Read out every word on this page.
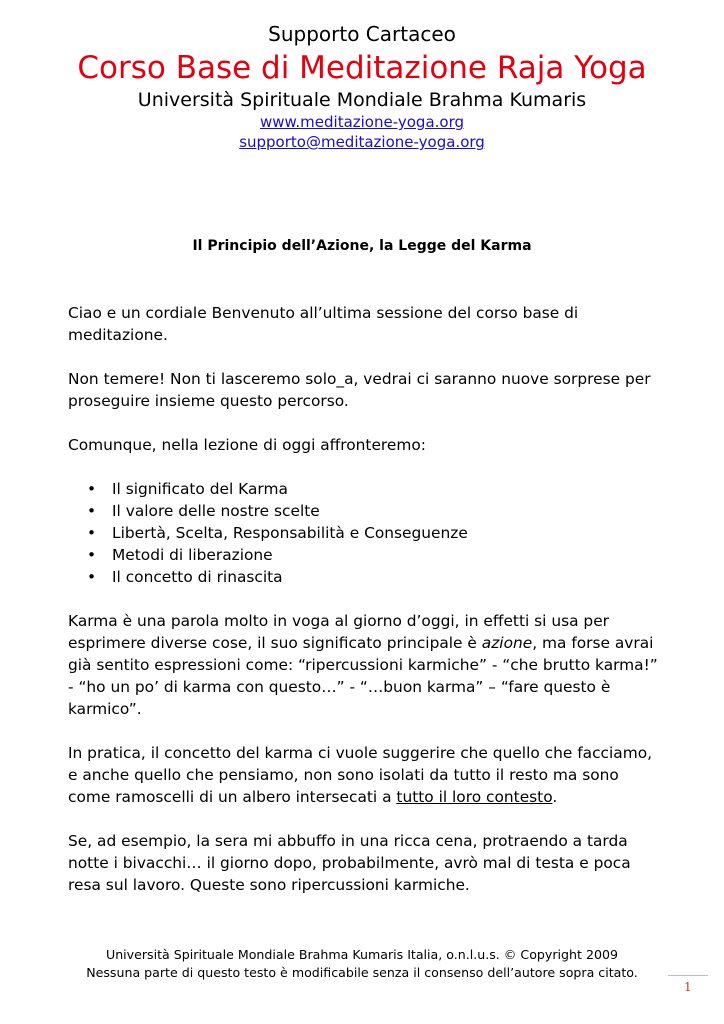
Supporto Cartaceo
Corso Base di Meditazione Raja Yoga
Università Spirituale Mondiale Brahma Kumaris
www.meditazione-yoga.org
supporto@meditazione-yoga.org
Il Principio dell’Azione, la Legge del Karma

Ciao e un cordiale Benvenuto all’ultima sessione del corso base di meditazione.

Non temere! Non ti lasceremo solo_a, vedrai ci saranno nuove sorprese per proseguire insieme questo percorso.

Comunque, nella lezione di oggi affronteremo:

• Il significato del Karma
• Il valore delle nostre scelte
• Libertà, Scelta, Responsabilità e Conseguenze
• Metodi di liberazione
• Il concetto di rinascita

Karma è una parola molto in voga al giorno d’oggi, in effetti si usa per esprimere diverse cose, il suo significato principale è azione, ma forse avrai già sentito espressioni come: “ripercussioni karmiche” - “che brutto karma!” - “ho un po’ di karma con questo…” - “…buon karma” – “fare questo è karmico”.

In pratica, il concetto del karma ci vuole suggerire che quello che facciamo, e anche quello che pensiamo, non sono isolati da tutto il resto ma sono come ramoscelli di un albero intersecati a tutto il loro contesto.

Se, ad esempio, la sera mi abbuffo in una ricca cena, protraendo a tarda notte i bivacchi… il giorno dopo, probabilmente, avrò mal di testa e poca resa sul lavoro. Queste sono ripercussioni karmiche.

Università Spirituale Mondiale Brahma Kumaris Italia, o.n.l.u.s. © Copyright 2009
Nessuna parte di questo testo è modificabile senza il consenso dell’autore sopra citato.
1
